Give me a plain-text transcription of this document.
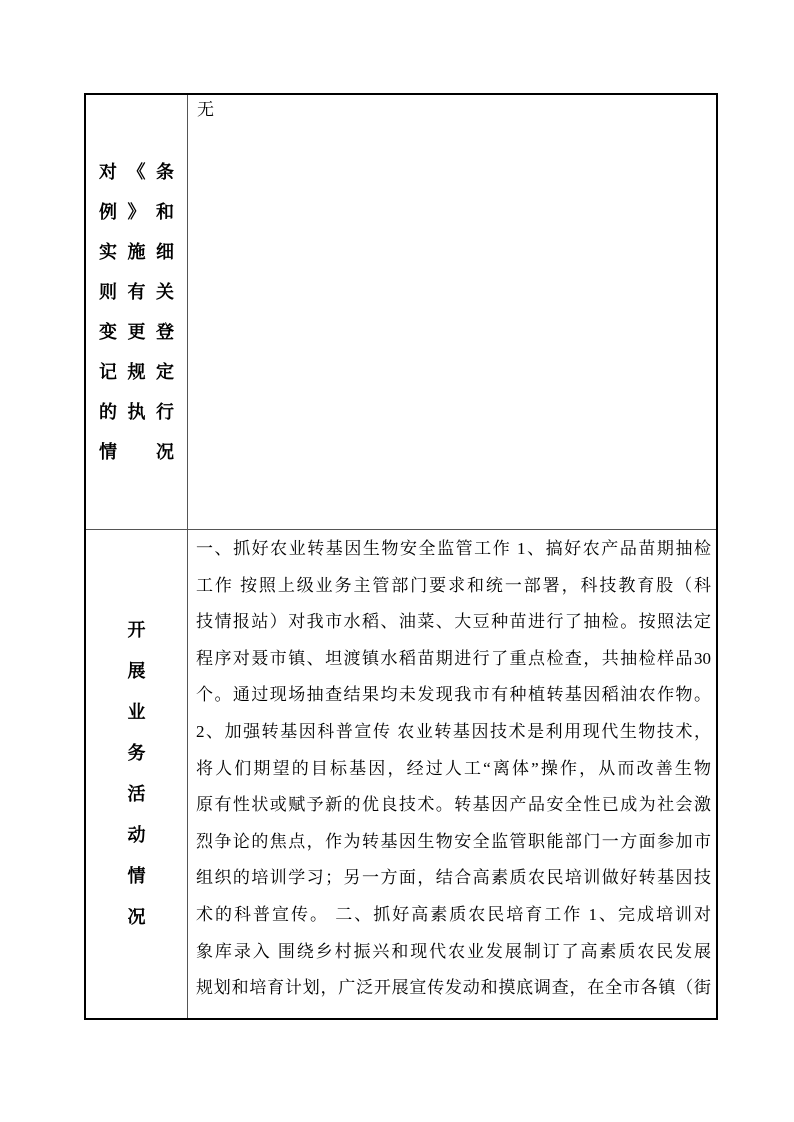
对《条
例》和
实施细
则有关
变更登
记规定
的执行
情况
无
开
展
业
务
活
动
情
况
一、抓好农业转基因生物安全监管工作 1、搞好农产品苗期抽检
工作 按照上级业务主管部门要求和统一部署，科技教育股（科
技情报站）对我市水稻、油菜、大豆种苗进行了抽检。按照法定
程序对聂市镇、坦渡镇水稻苗期进行了重点检查，共抽检样品30
个。通过现场抽查结果均未发现我市有种植转基因稻油农作物。
2、加强转基因科普宣传 农业转基因技术是利用现代生物技术，
将人们期望的目标基因，经过人工“离体”操作，从而改善生物
原有性状或赋予新的优良技术。转基因产品安全性已成为社会激
烈争论的焦点，作为转基因生物安全监管职能部门一方面参加市
组织的培训学习；另一方面，结合高素质农民培训做好转基因技
术的科普宣传。 二、抓好高素质农民培育工作 1、完成培训对
象库录入 围绕乡村振兴和现代农业发展制订了高素质农民发展
规划和培育计划，广泛开展宣传发动和摸底调查，在全市各镇（街
